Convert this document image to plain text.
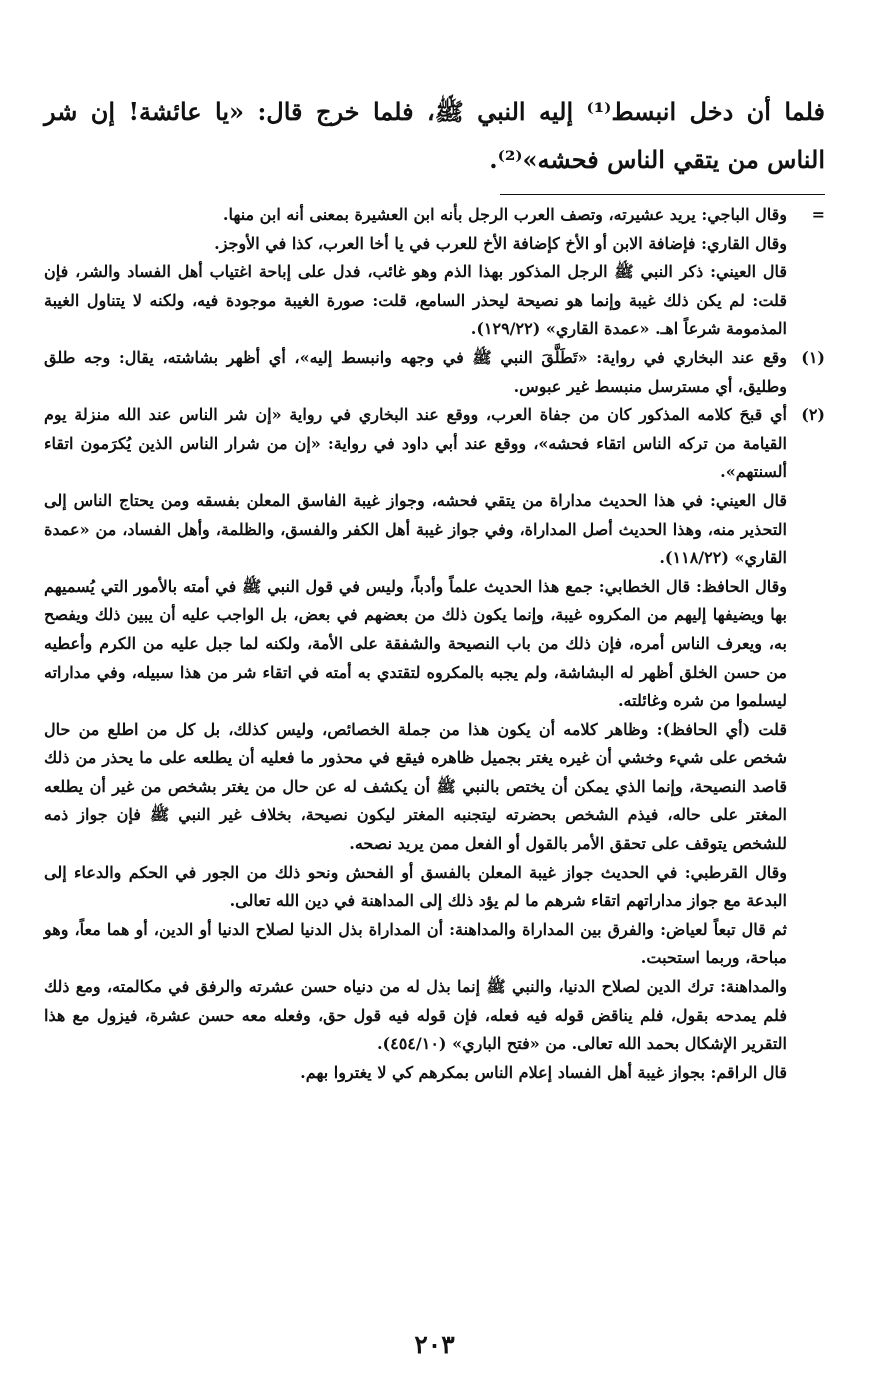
فلما أن دخل انبسط⁽¹⁾ إليه النبي ﷺ، فلما خرج قال: «يا عائشة! إن شر الناس من يتقي الناس فحشه»⁽²⁾.

=

وقال الباجي: يريد عشيرته، وتصف العرب الرجل بأنه ابن العشيرة بمعنى أنه ابن منها.

وقال القاري: فإضافة الابن أو الأخ كإضافة الأخ للعرب في يا أخا العرب، كذا في الأوجز.

قال العيني: ذكر النبي ﷺ الرجل المذكور بهذا الذم وهو غائب، فدل على إباحة اغتياب أهل الفساد والشر، فإن قلت: لم يكن ذلك غيبة وإنما هو نصيحة ليحذر السامع، قلت: صورة الغيبة موجودة فيه، ولكنه لا يتناول الغيبة المذمومة شرعاً اهـ. «عمدة القاري» (١٢٩/٢٢).

(١)

وقع عند البخاري في رواية: «تَطَلَّقَ النبي ﷺ في وجهه وانبسط إليه»، أي أظهر بشاشته، يقال: وجه طلق وطليق، أي مسترسل منبسط غير عبوس.

(٢)

أي قبحَ كلامه المذكور كان من جفاة العرب، ووقع عند البخاري في رواية «إن شر الناس عند الله منزلة يوم القيامة من تركه الناس اتقاء فحشه»، ووقع عند أبي داود في رواية: «إن من شرار الناس الذين يُكرَمون اتقاء ألسنتهم».

قال العيني: في هذا الحديث مداراة من يتقي فحشه، وجواز غيبة الفاسق المعلن بفسقه ومن يحتاج الناس إلى التحذير منه، وهذا الحديث أصل المداراة، وفي جواز غيبة أهل الكفر والفسق، والظلمة، وأهل الفساد، من «عمدة القاري» (١١٨/٢٢).

وقال الحافظ: قال الخطابي: جمع هذا الحديث علماً وأدباً، وليس في قول النبي ﷺ في أمته بالأمور التي يُسميهم بها ويضيفها إليهم من المكروه غيبة، وإنما يكون ذلك من بعضهم في بعض، بل الواجب عليه أن يبين ذلك ويفصح به، ويعرف الناس أمره، فإن ذلك من باب النصيحة والشفقة على الأمة، ولكنه لما جبل عليه من الكرم وأعطيه من حسن الخلق أظهر له البشاشة، ولم يجبه بالمكروه لتقتدي به أمته في اتقاء شر من هذا سبيله، وفي مداراته ليسلموا من شره وغائلته.

قلت (أي الحافظ): وظاهر كلامه أن يكون هذا من جملة الخصائص، وليس كذلك، بل كل من اطلع من حال شخص على شيء وخشي أن غيره يغتر بجميل ظاهره فيقع في محذور ما فعليه أن يطلعه على ما يحذر من ذلك قاصد النصيحة، وإنما الذي يمكن أن يختص بالنبي ﷺ أن يكشف له عن حال من يغتر بشخص من غير أن يطلعه المغتر على حاله، فيذم الشخص بحضرته ليتجنبه المغتر ليكون نصيحة، بخلاف غير النبي ﷺ فإن جواز ذمه للشخص يتوقف على تحقق الأمر بالقول أو الفعل ممن يريد نصحه.

وقال القرطبي: في الحديث جواز غيبة المعلن بالفسق أو الفحش ونحو ذلك من الجور في الحكم والدعاء إلى البدعة مع جواز مداراتهم اتقاء شرهم ما لم يؤد ذلك إلى المداهنة في دين الله تعالى.

ثم قال تبعاً لعياض: والفرق بين المداراة والمداهنة: أن المداراة بذل الدنيا لصلاح الدنيا أو الدين، أو هما معاً، وهو مباحة، وربما استحبت.

والمداهنة: ترك الدين لصلاح الدنيا، والنبي ﷺ إنما بذل له من دنياه حسن عشرته والرفق في مكالمته، ومع ذلك فلم يمدحه بقول، فلم يناقض قوله فيه فعله، فإن قوله فيه قول حق، وفعله معه حسن عشرة، فيزول مع هذا التقرير الإشكال بحمد الله تعالى. من «فتح الباري» (٤٥٤/١٠).

قال الراقم: بجواز غيبة أهل الفساد إعلام الناس بمكرهم كي لا يغتروا بهم.

٢٠٣
